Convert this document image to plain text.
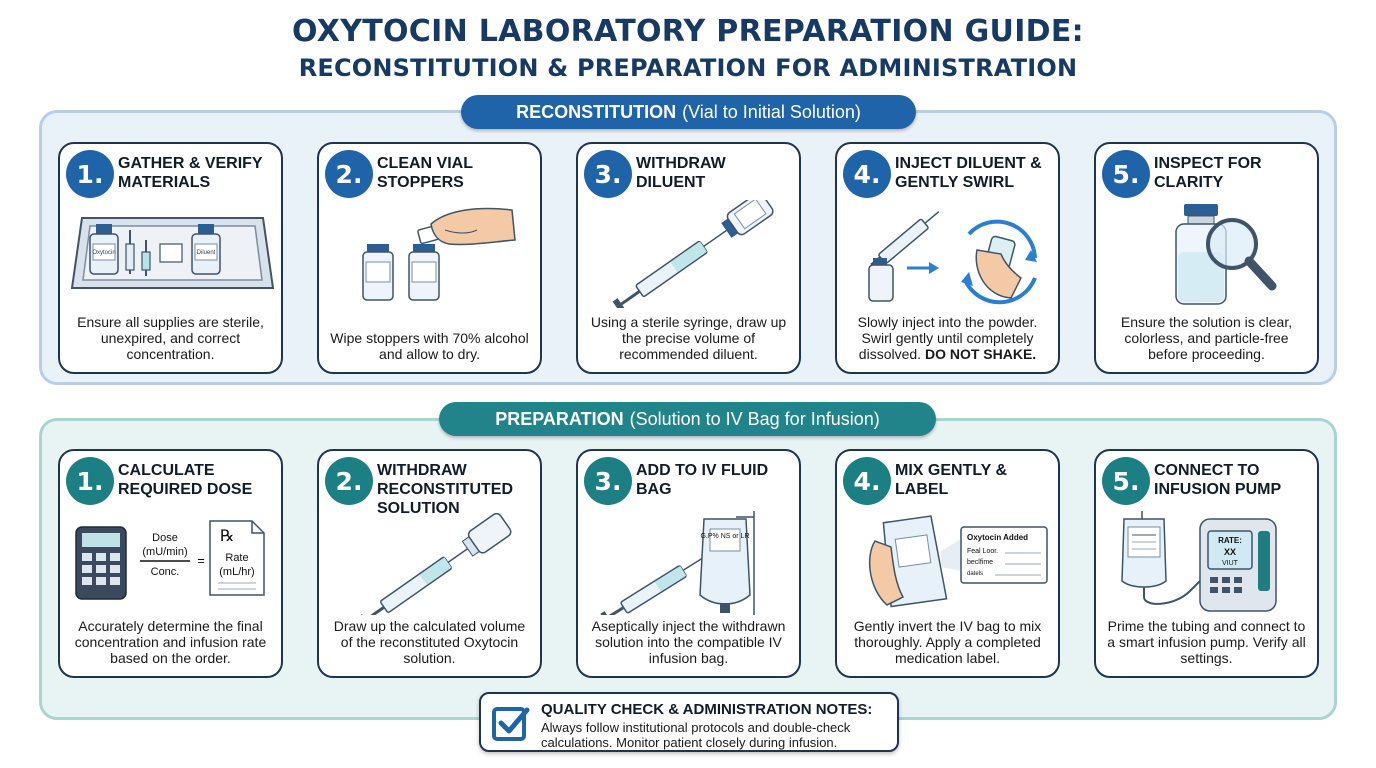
OXYTOCIN LABORATORY PREPARATION GUIDE:
RECONSTITUTION & PREPARATION FOR ADMINISTRATION
RECONSTITUTION (Vial to Initial Solution)
1. GATHER & VERIFY MATERIALS
Oxytocin	Diluent
Ensure all supplies are sterile, unexpired, and correct concentration.
2. CLEAN VIAL STOPPERS
Wipe stoppers with 70% alcohol and allow to dry.
3. WITHDRAW DILUENT
Using a sterile syringe, draw up the precise volume of recommended diluent.
4. INJECT DILUENT & GENTLY SWIRL
Slowly inject into the powder. Swirl gently until completely dissolved. DO NOT SHAKE.
5. INSPECT FOR CLARITY
Ensure the solution is clear, colorless, and particle-free before proceeding.
PREPARATION (Solution to IV Bag for Infusion)
1. CALCULATE REQUIRED DOSE
Dose
(mU/min)
Conc.
=
℞
Rate
(mL/hr)
Accurately determine the final concentration and infusion rate based on the order.
2. WITHDRAW RECONSTITUTED SOLUTION
Draw up the calculated volume of the reconstituted Oxytocin solution.
3. ADD TO IV FLUID BAG
G.P% NS or LR
Aseptically inject the withdrawn solution into the compatible IV infusion bag.
4. MIX GENTLY & LABEL
Oxytocin Added
Feal Loor.
beclfime
datels
Gently invert the IV bag to mix thoroughly. Apply a completed medication label.
5. CONNECT TO INFUSION PUMP
RATE:
XX
VIUT
Prime the tubing and connect to a smart infusion pump. Verify all settings.
QUALITY CHECK & ADMINISTRATION NOTES:
Always follow institutional protocols and double-check calculations. Monitor patient closely during infusion.
